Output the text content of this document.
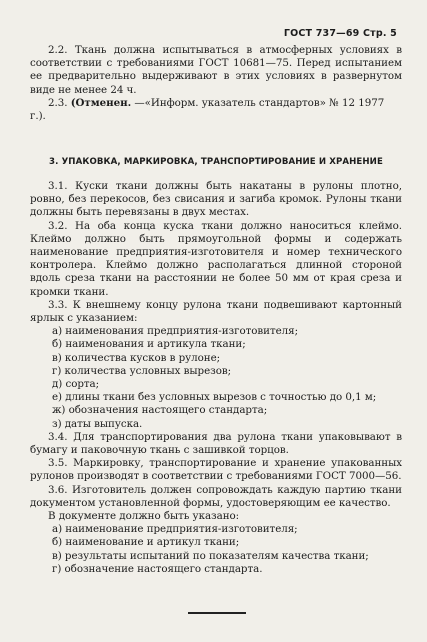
ГОСТ 737—69 Стр. 5

2.2. Ткань должна испытываться в атмосферных условиях в соответствии с требованиями ГОСТ 10681—75. Перед испытанием ее предварительно выдерживают в этих условиях в развернутом виде не менее 24 ч.

2.3. (Отменен. —«Информ. указатель стандартов» № 12 1977 г.).

3. УПАКОВКА, МАРКИРОВКА, ТРАНСПОРТИРОВАНИЕ И ХРАНЕНИЕ

3.1. Куски ткани должны быть накатаны в рулоны плотно, ровно, без перекосов, без свисания и загиба кромок. Рулоны ткани должны быть перевязаны в двух местах.

3.2. На оба конца куска ткани должно наноситься клеймо. Клеймо должно быть прямоугольной формы и содержать наименование предприятия-изготовителя и номер технического контролера. Клеймо должно располагаться длинной стороной вдоль среза ткани на расстоянии не более 50 мм от края среза и кромки ткани.

3.3. К внешнему концу рулона ткани подвешивают картонный ярлык с указанием:

а) наименования предприятия-изготовителя;

б) наименования и артикула ткани;

в) количества кусков в рулоне;

г) количества условных вырезов;

д) сорта;

е) длины ткани без условных вырезов с точностью до 0,1 м;

ж) обозначения настоящего стандарта;

з) даты выпуска.

3.4. Для транспортирования два рулона ткани упаковывают в бумагу и паковочную ткань с зашивкой торцов.

3.5. Маркировку, транспортирование и хранение упакованных рулонов производят в соответствии с требованиями ГОСТ 7000—56.

3.6. Изготовитель должен сопровождать каждую партию ткани документом установленной формы, удостоверяющим ее качество.

В документе должно быть указано:

а) наименование предприятия-изготовителя;

б) наименование и артикул ткани;

в) результаты испытаний по показателям качества ткани;

г) обозначение настоящего стандарта.
